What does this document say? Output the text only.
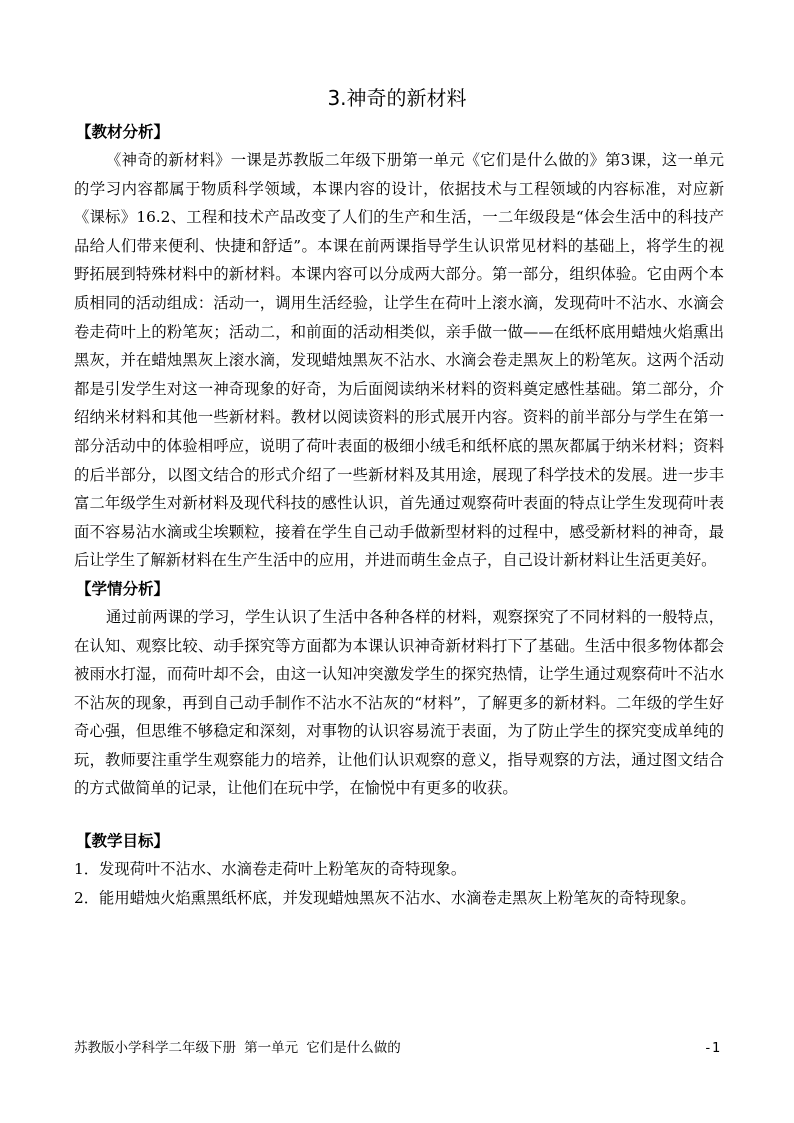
3.神奇的新材料
【教材分析】

《神奇的新材料》一课是苏教版二年级下册第一单元《它们是什么做的》第3课，这一单元的学习内容都属于物质科学领域，本课内容的设计，依据技术与工程领域的内容标准，对应新《课标》16.2、工程和技术产品改变了人们的生产和生活，一二年级段是“体会生活中的科技产品给人们带来便利、快捷和舒适”。本课在前两课指导学生认识常见材料的基础上，将学生的视野拓展到特殊材料中的新材料。本课内容可以分成两大部分。第一部分，组织体验。它由两个本质相同的活动组成：活动一，调用生活经验，让学生在荷叶上滚水滴，发现荷叶不沾水、水滴会卷走荷叶上的粉笔灰；活动二，和前面的活动相类似，亲手做一做——在纸杯底用蜡烛火焰熏出黑灰，并在蜡烛黑灰上滚水滴，发现蜡烛黑灰不沾水、水滴会卷走黑灰上的粉笔灰。这两个活动都是引发学生对这一神奇现象的好奇，为后面阅读纳米材料的资料奠定感性基础。第二部分，介绍纳米材料和其他一些新材料。教材以阅读资料的形式展开内容。资料的前半部分与学生在第一部分活动中的体验相呼应，说明了荷叶表面的极细小绒毛和纸杯底的黑灰都属于纳米材料；资料的后半部分，以图文结合的形式介绍了一些新材料及其用途，展现了科学技术的发展。进一步丰富二年级学生对新材料及现代科技的感性认识，首先通过观察荷叶表面的特点让学生发现荷叶表面不容易沾水滴或尘埃颗粒，接着在学生自己动手做新型材料的过程中，感受新材料的神奇，最后让学生了解新材料在生产生活中的应用，并进而萌生金点子，自己设计新材料让生活更美好。

【学情分析】

通过前两课的学习，学生认识了生活中各种各样的材料，观察探究了不同材料的一般特点，在认知、观察比较、动手探究等方面都为本课认识神奇新材料打下了基础。生活中很多物体都会被雨水打湿，而荷叶却不会，由这一认知冲突激发学生的探究热情，让学生通过观察荷叶不沾水不沾灰的现象，再到自己动手制作不沾水不沾灰的“材料”，了解更多的新材料。二年级的学生好奇心强，但思维不够稳定和深刻，对事物的认识容易流于表面，为了防止学生的探究变成单纯的玩，教师要注重学生观察能力的培养，让他们认识观察的意义，指导观察的方法，通过图文结合的方式做简单的记录，让他们在玩中学，在愉悦中有更多的收获。

【教学目标】

1．发现荷叶不沾水、水滴卷走荷叶上粉笔灰的奇特现象。

2．能用蜡烛火焰熏黑纸杯底，并发现蜡烛黑灰不沾水、水滴卷走黑灰上粉笔灰的奇特现象。

苏教版小学科学二年级下册 第一单元 它们是什么做的	-1
